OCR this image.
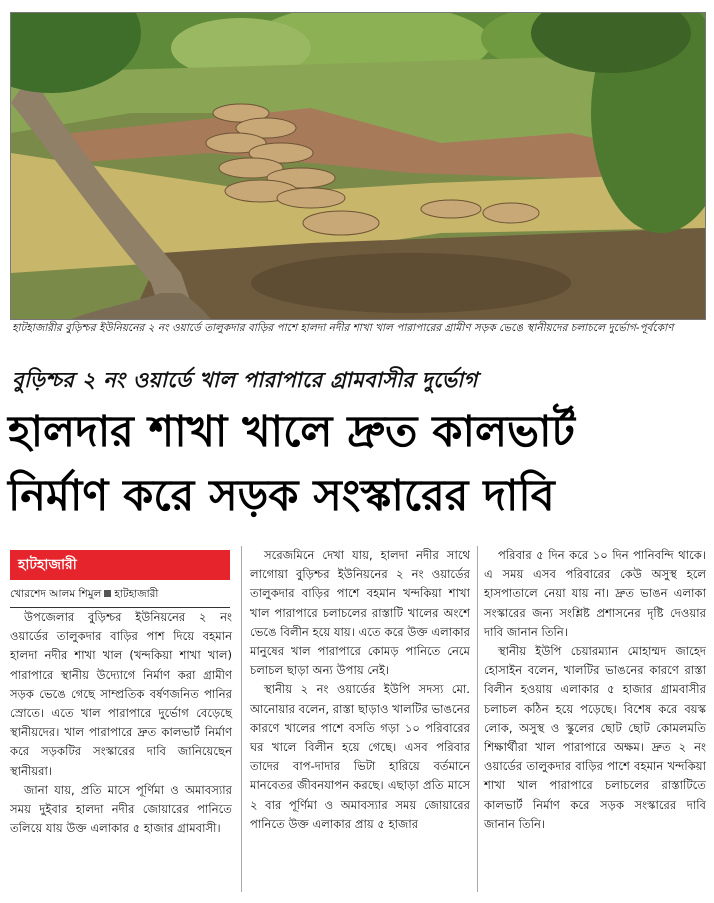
হাটহাজারীর বুড়িশ্চর ইউনিয়নের ২ নং ওয়ার্ডে তালুকদার বাড়ির পাশে হালদা নদীর শাখা খাল পারাপারের গ্রামীণ সড়ক ভেঙে স্থানীয়দের চলাচলে দুর্ভোগ-পূর্বকোণ
বুড়িশ্চর ২ নং ওয়ার্ডে খাল পারাপারে গ্রামবাসীর দুর্ভোগ
হালদার শাখা খালে দ্রুত কালভার্ট
নির্মাণ করে সড়ক সংস্কারের দাবি
হাটহাজারী
খোরশেদ আলম শিমুল হাটহাজারী

উপজেলার বুড়িশ্চর ইউনিয়নের ২ নং ওয়ার্ডের তালুকদার বাড়ির পাশ দিয়ে বহমান হালদা নদীর শাখা খাল (খন্দকিয়া শাখা খাল) পারাপারে স্থানীয় উদ্যোগে নির্মাণ করা গ্রামীণ সড়ক ভেঙে গেছে সাম্প্রতিক বর্ষণজনিত পানির স্রোতে। এতে খাল পারাপারে দুর্ভোগ বেড়েছে স্থানীয়দের। খাল পারাপারে দ্রুত কালভার্ট নির্মাণ করে সড়কটির সংস্কারের দাবি জানিয়েছেন স্থানীয়রা।

জানা যায়, প্রতি মাসে পূর্ণিমা ও অমাবস্যার সময় দুইবার হালদা নদীর জোয়ারের পানিতে তলিয়ে যায় উক্ত এলাকার ৫ হাজার গ্রামবাসী।

সরেজমিনে দেখা যায়, হালদা নদীর সাথে লাগোয়া বুড়িশ্চর ইউনিয়নের ২ নং ওয়ার্ডের তালুকদার বাড়ির পাশে বহমান খন্দকিয়া শাখা খাল পারাপারে চলাচলের রাস্তাটি খালের অংশে ভেঙে বিলীন হয়ে যায়। এতে করে উক্ত এলাকার মানুষের খাল পারাপারে কোমড় পানিতে নেমে চলাচল ছাড়া অন্য উপায় নেই।

স্থানীয় ২ নং ওয়ার্ডের ইউপি সদস্য মো. আনোয়ার বলেন, রাস্তা ছাড়াও খালটির ভাঙনের কারণে খালের পাশে বসতি গড়া ১০ পরিবারের ঘর খালে বিলীন হয়ে গেছে। এসব পরিবার তাদের বাপ-দাদার ভিটা হারিয়ে বর্তমানে মানবেতর জীবনযাপন করছে। এছাড়া প্রতি মাসে ২ বার পূর্ণিমা ও অমাবস্যার সময় জোয়ারের পানিতে উক্ত এলাকার প্রায় ৫ হাজার

পরিবার ৫ দিন করে ১০ দিন পানিবন্দি থাকে। এ সময় এসব পরিবারের কেউ অসুস্থ হলে হাসপাতালে নেয়া যায় না। দ্রুত ভাঙন এলাকা সংস্কারের জন্য সংশ্লিষ্ট প্রশাসনের দৃষ্টি দেওয়ার দাবি জানান তিনি।

স্থানীয় ইউপি চেয়ারম্যান মোহাম্মদ জাহেদ হোসাইন বলেন, খালটির ভাঙনের কারণে রাস্তা বিলীন হওয়ায় এলাকার ৫ হাজার গ্রামবাসীর চলাচল কঠিন হয়ে পড়েছে। বিশেষ করে বয়স্ক লোক, অসুস্থ ও স্কুলের ছোট ছোট কোমলমতি শিক্ষার্থীরা খাল পারাপারে অক্ষম। দ্রুত ২ নং ওয়ার্ডের তালুকদার বাড়ির পাশে বহমান খন্দকিয়া শাখা খাল পারাপারে চলাচলের রাস্তাটিতে কালভার্ট নির্মাণ করে সড়ক সংস্কারের দাবি জানান তিনি।
